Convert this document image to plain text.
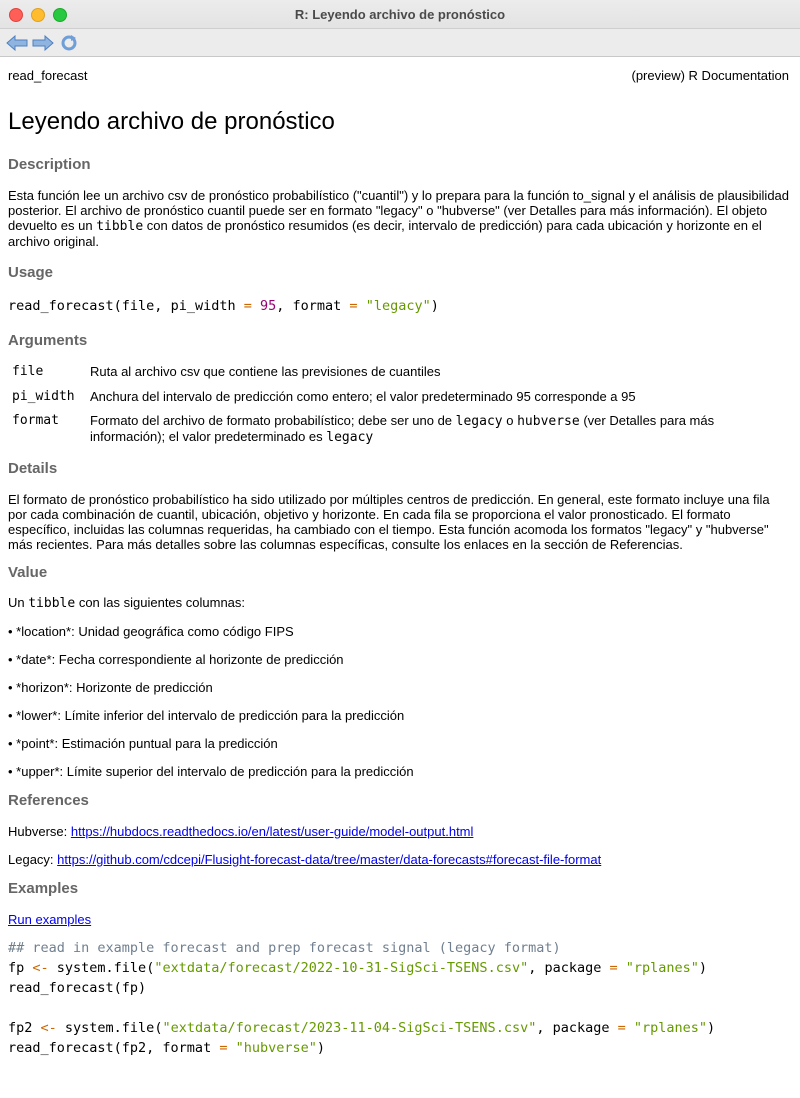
R: Leyendo archivo de pronóstico
read_forecast	(preview) R Documentation
Leyendo archivo de pronóstico
Description

Esta función lee un archivo csv de pronóstico probabilístico ("cuantil") y lo prepara para la función to_signal y el análisis de plausibilidad posterior. El archivo de pronóstico cuantil puede ser en formato "legacy" o "hubverse" (ver Detalles para más información). El objeto devuelto es un tibble con datos de pronóstico resumidos (es decir, intervalo de predicción) para cada ubicación y horizonte en el archivo original.

Usage
read_forecast(file, pi_width = 95, format = "legacy")
Arguments
file	Ruta al archivo csv que contiene las previsiones de cuantiles
pi_width	Anchura del intervalo de predicción como entero; el valor predeterminado 95 corresponde a 95
format	Formato del archivo de formato probabilístico; debe ser uno de legacy o hubverse (ver Detalles para más información); el valor predeterminado es legacy
Details

El formato de pronóstico probabilístico ha sido utilizado por múltiples centros de predicción. En general, este formato incluye una fila por cada combinación de cuantil, ubicación, objetivo y horizonte. En cada fila se proporciona el valor pronosticado. El formato específico, incluidas las columnas requeridas, ha cambiado con el tiempo. Esta función acomoda los formatos "legacy" y "hubverse" más recientes. Para más detalles sobre las columnas específicas, consulte los enlaces en la sección de Referencias.

Value

Un tibble con las siguientes columnas:

• *location*: Unidad geográfica como código FIPS

• *date*: Fecha correspondiente al horizonte de predicción

• *horizon*: Horizonte de predicción

• *lower*: Límite inferior del intervalo de predicción para la predicción

• *point*: Estimación puntual para la predicción

• *upper*: Límite superior del intervalo de predicción para la predicción

References

Hubverse: https://hubdocs.readthedocs.io/en/latest/user-guide/model-output.html

Legacy: https://github.com/cdcepi/Flusight-forecast-data/tree/master/data-forecasts#forecast-file-format

Examples

Run examples

## read in example forecast and prep forecast signal (legacy format)
fp <- system.file("extdata/forecast/2022-10-31-SigSci-TSENS.csv", package = "rplanes")
read_forecast(fp)
fp2 <- system.file("extdata/forecast/2023-11-04-SigSci-TSENS.csv", package = "rplanes")
read_forecast(fp2, format = "hubverse")
